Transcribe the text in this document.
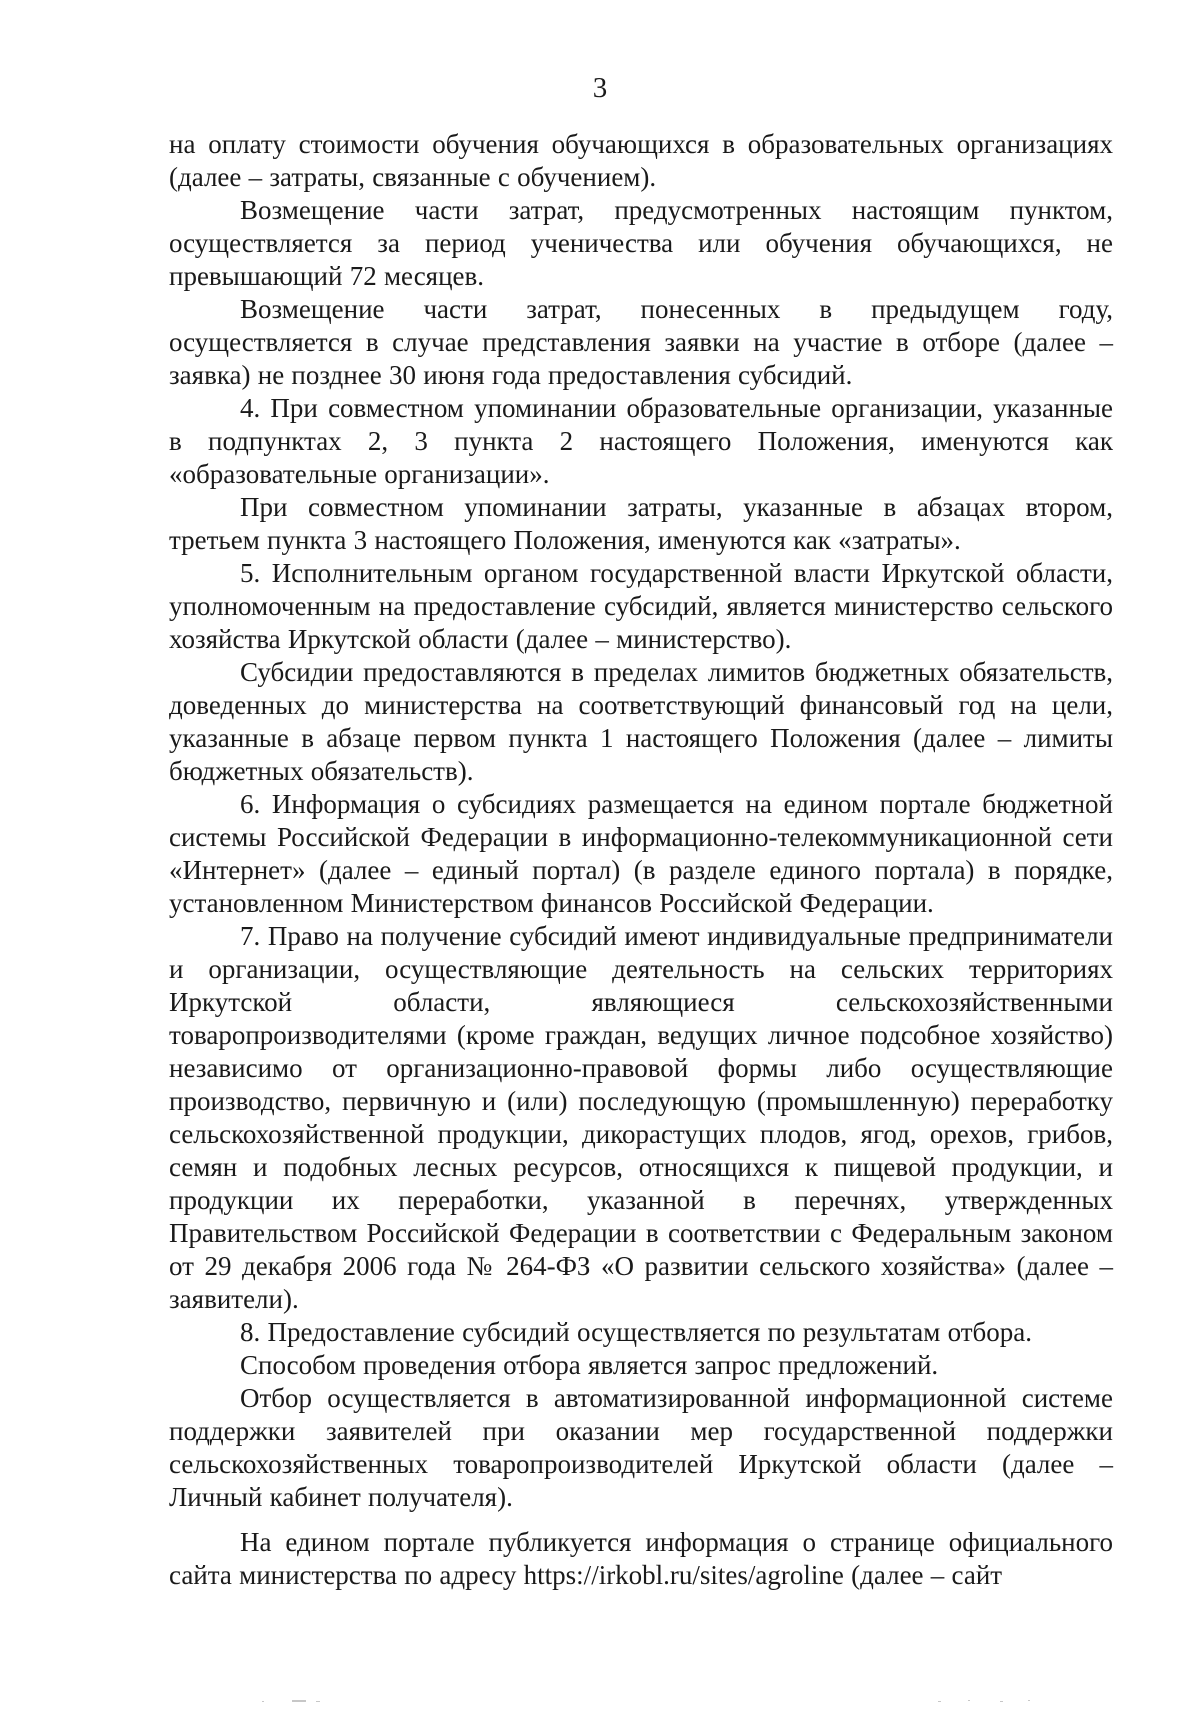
3

на оплату стоимости обучения обучающихся в образовательных организациях (далее – затраты, связанные с обучением).

Возмещение части затрат, предусмотренных настоящим пунктом, осуществляется за период ученичества или обучения обучающихся, не превышающий 72 месяцев.

Возмещение части затрат, понесенных в предыдущем году, осуществляется в случае представления заявки на участие в отборе (далее – заявка) не позднее 30 июня года предоставления субсидий.

4. При совместном упоминании образовательные организации, указанные в подпунктах 2, 3 пункта 2 настоящего Положения, именуются как «образовательные организации».

При совместном упоминании затраты, указанные в абзацах втором, третьем пункта 3 настоящего Положения, именуются как «затраты».

5. Исполнительным органом государственной власти Иркутской области, уполномоченным на предоставление субсидий, является министерство сельского хозяйства Иркутской области (далее – министерство).

Субсидии предоставляются в пределах лимитов бюджетных обязательств, доведенных до министерства на соответствующий финансовый год на цели, указанные в абзаце первом пункта 1 настоящего Положения (далее – лимиты бюджетных обязательств).

6. Информация о субсидиях размещается на едином портале бюджетной системы Российской Федерации в информационно-телекоммуникационной сети «Интернет» (далее – единый портал) (в разделе единого портала) в порядке, установленном Министерством финансов Российской Федерации.

7. Право на получение субсидий имеют индивидуальные предприниматели и организации, осуществляющие деятельность на сельских территориях Иркутской области, являющиеся сельскохозяйственными товаропроизводителями (кроме граждан, ведущих личное подсобное хозяйство) независимо от организационно-правовой формы либо осуществляющие производство, первичную и (или) последующую (промышленную) переработку сельскохозяйственной продукции, дикорастущих плодов, ягод, орехов, грибов, семян и подобных лесных ресурсов, относящихся к пищевой продукции, и продукции их переработки, указанной в перечнях, утвержденных Правительством Российской Федерации в соответствии с Федеральным законом от 29 декабря 2006 года № 264-ФЗ «О развитии сельского хозяйства» (далее – заявители).

8. Предоставление субсидий осуществляется по результатам отбора.

Способом проведения отбора является запрос предложений.

Отбор осуществляется в автоматизированной информационной системе поддержки заявителей при оказании мер государственной поддержки сельскохозяйственных товаропроизводителей Иркутской области (далее – Личный кабинет получателя).

На едином портале публикуется информация о странице официального сайта министерства по адресу https://irkobl.ru/sites/agroline (далее – сайт
